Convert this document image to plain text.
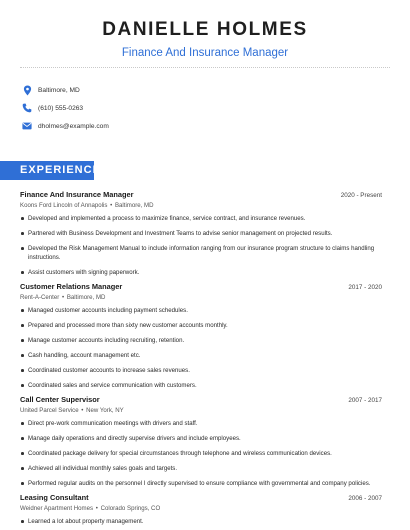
DANIELLE HOLMES
Finance And Insurance Manager
Baltimore, MD
(610) 555-0263
dholmes@example.com
EXPERIENCE
Finance And Insurance Manager	2020 - Present
Koons Ford Lincoln of Annapolis • Baltimore, MD
Developed and implemented a process to maximize finance, service contract, and insurance revenues.
Partnered with Business Development and Investment Teams to advise senior management on projected results.
Developed the Risk Management Manual to include information ranging from our insurance program structure to claims handling instructions.
Assist customers with signing paperwork.
Customer Relations Manager	2017 - 2020
Rent-A-Center • Baltimore, MD
Managed customer accounts including payment schedules.
Prepared and processed more than sixty new customer accounts monthly.
Manage customer accounts including recruiting, retention.
Cash handling, account management etc.
Coordinated customer accounts to increase sales revenues.
Coordinated sales and service communication with customers.
Call Center Supervisor	2007 - 2017
United Parcel Service • New York, NY
Direct pre-work communication meetings with drivers and staff.
Manage daily operations and directly supervise drivers and include employees.
Coordinated package delivery for special circumstances through telephone and wireless communication devices.
Achieved all individual monthly sales goals and targets.
Performed regular audits on the personnel I directly supervised to ensure compliance with governmental and company policies.
Leasing Consultant	2006 - 2007
Weidner Apartment Homes • Colorado Springs, CO
Learned a lot about property management.
